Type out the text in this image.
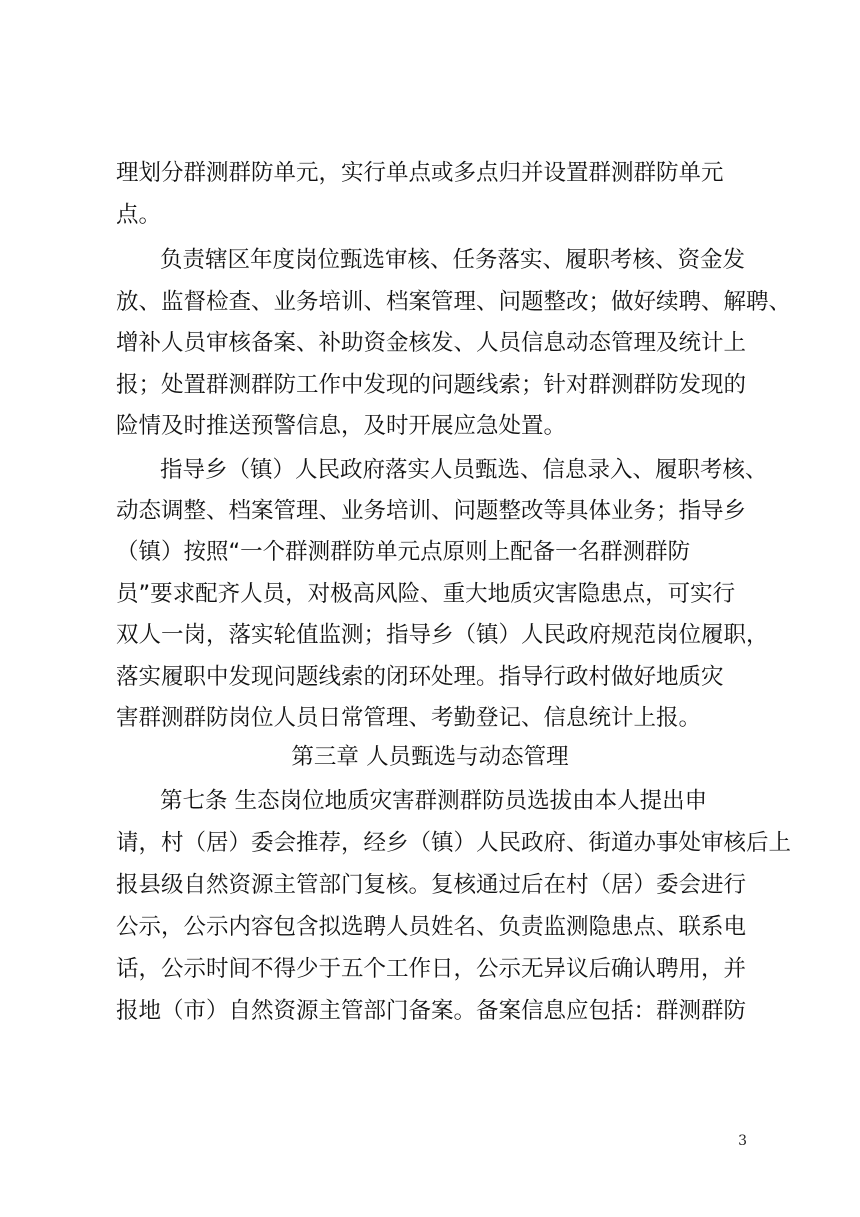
理划分群测群防单元，实行单点或多点归并设置群测群防单元
点。
负责辖区年度岗位甄选审核、任务落实、履职考核、资金发
放、监督检查、业务培训、档案管理、问题整改；做好续聘、解聘、
增补人员审核备案、补助资金核发、人员信息动态管理及统计上
报；处置群测群防工作中发现的问题线索；针对群测群防发现的
险情及时推送预警信息，及时开展应急处置。
指导乡（镇）人民政府落实人员甄选、信息录入、履职考核、
动态调整、档案管理、业务培训、问题整改等具体业务；指导乡
（镇）按照“一个群测群防单元点原则上配备一名群测群防
员”要求配齐人员，对极高风险、重大地质灾害隐患点，可实行
双人一岗，落实轮值监测；指导乡（镇）人民政府规范岗位履职，
落实履职中发现问题线索的闭环处理。指导行政村做好地质灾
害群测群防岗位人员日常管理、考勤登记、信息统计上报。
第三章 人员甄选与动态管理
第七条 生态岗位地质灾害群测群防员选拔由本人提出申
请，村（居）委会推荐，经乡（镇）人民政府、街道办事处审核后上
报县级自然资源主管部门复核。复核通过后在村（居）委会进行
公示，公示内容包含拟选聘人员姓名、负责监测隐患点、联系电
话，公示时间不得少于五个工作日，公示无异议后确认聘用，并
报地（市）自然资源主管部门备案。备案信息应包括：群测群防
3
